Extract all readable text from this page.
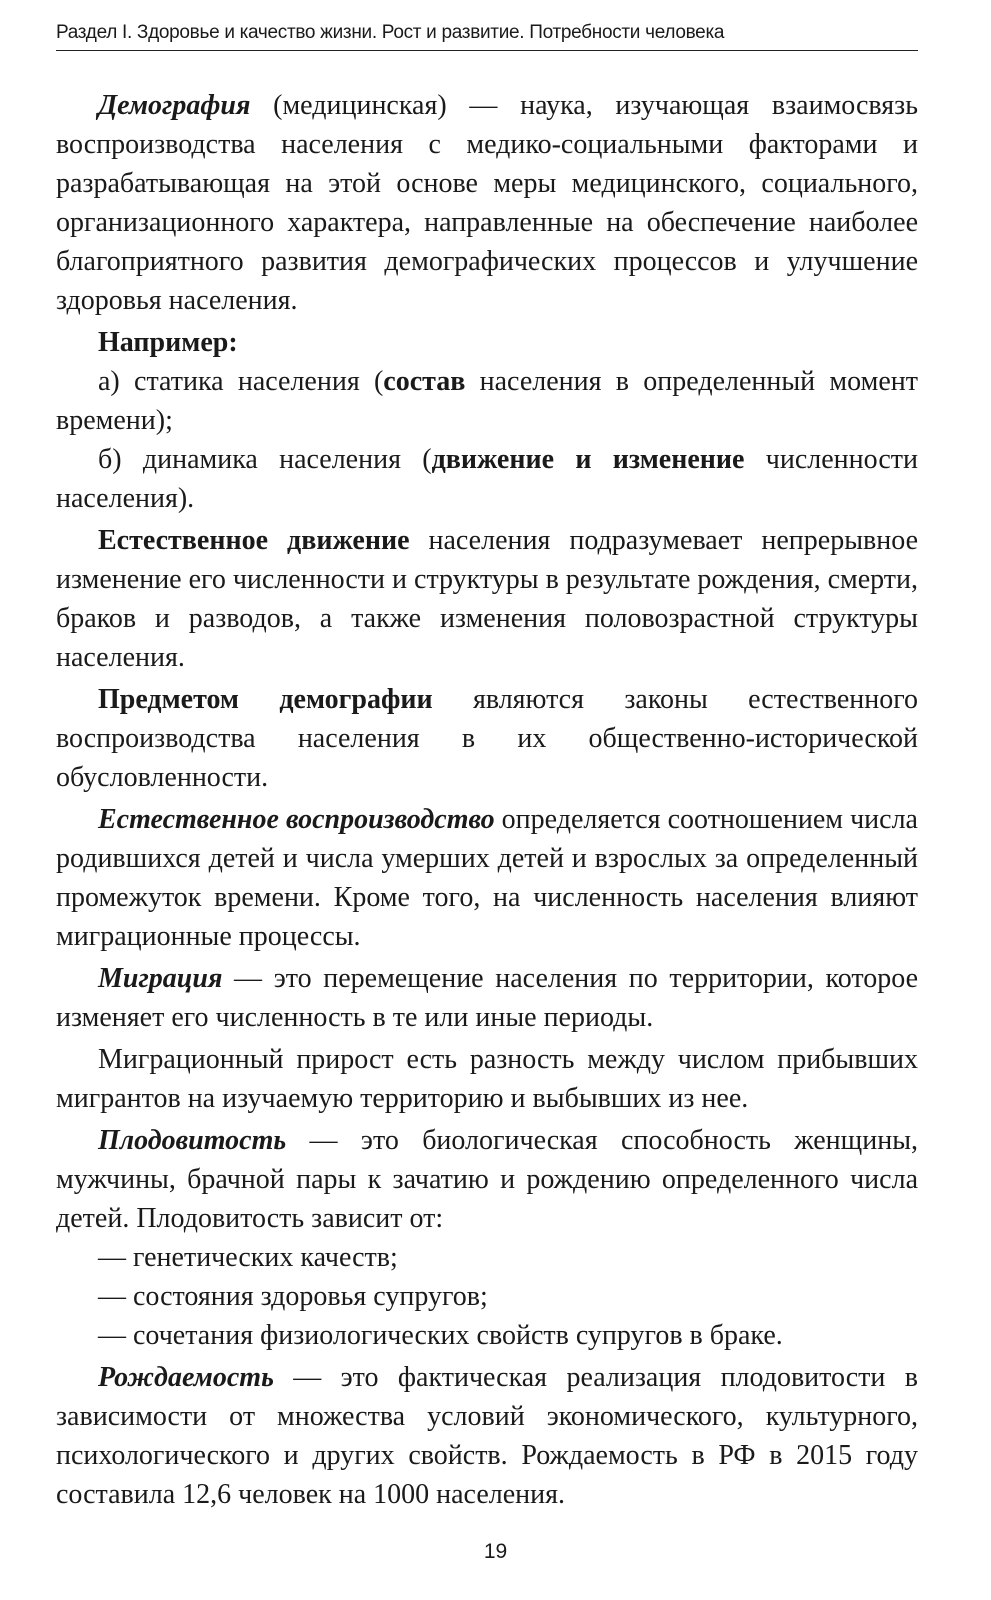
Раздел I. Здоровье и качество жизни. Рост и развитие. Потребности человека

Демография (медицинская) — наука, изучающая взаимосвязь воспроизводства населения с медико-социальными факторами и разрабатывающая на этой основе меры медицинского, социального, организационного характера, направленные на обеспечение наиболее благоприятного развития демографических процессов и улучшение здоровья населения.

Например:

а) статика населения (состав населения в определенный момент времени);

б) динамика населения (движение и изменение численности населения).

Естественное движение населения подразумевает непрерывное изменение его численности и структуры в результате рождения, смерти, браков и разводов, а также изменения половозрастной структуры населения.

Предметом демографии являются законы естественного воспроизводства населения в их общественно-исторической обусловленности.

Естественное воспроизводство определяется соотношением числа родившихся детей и числа умерших детей и взрослых за определенный промежуток времени. Кроме того, на численность населения влияют миграционные процессы.

Миграция — это перемещение населения по территории, которое изменяет его численность в те или иные периоды.

Миграционный прирост есть разность между числом прибывших мигрантов на изучаемую территорию и выбывших из нее.

Плодовитость — это биологическая способность женщины, мужчины, брачной пары к зачатию и рождению определенного числа детей. Плодовитость зависит от:

— генетических качеств;

— состояния здоровья супругов;

— сочетания физиологических свойств супругов в браке.

Рождаемость — это фактическая реализация плодовитости в зависимости от множества условий экономического, культурного, психологического и других свойств. Рождаемость в РФ в 2015 году составила 12,6 человек на 1000 населения.

19
